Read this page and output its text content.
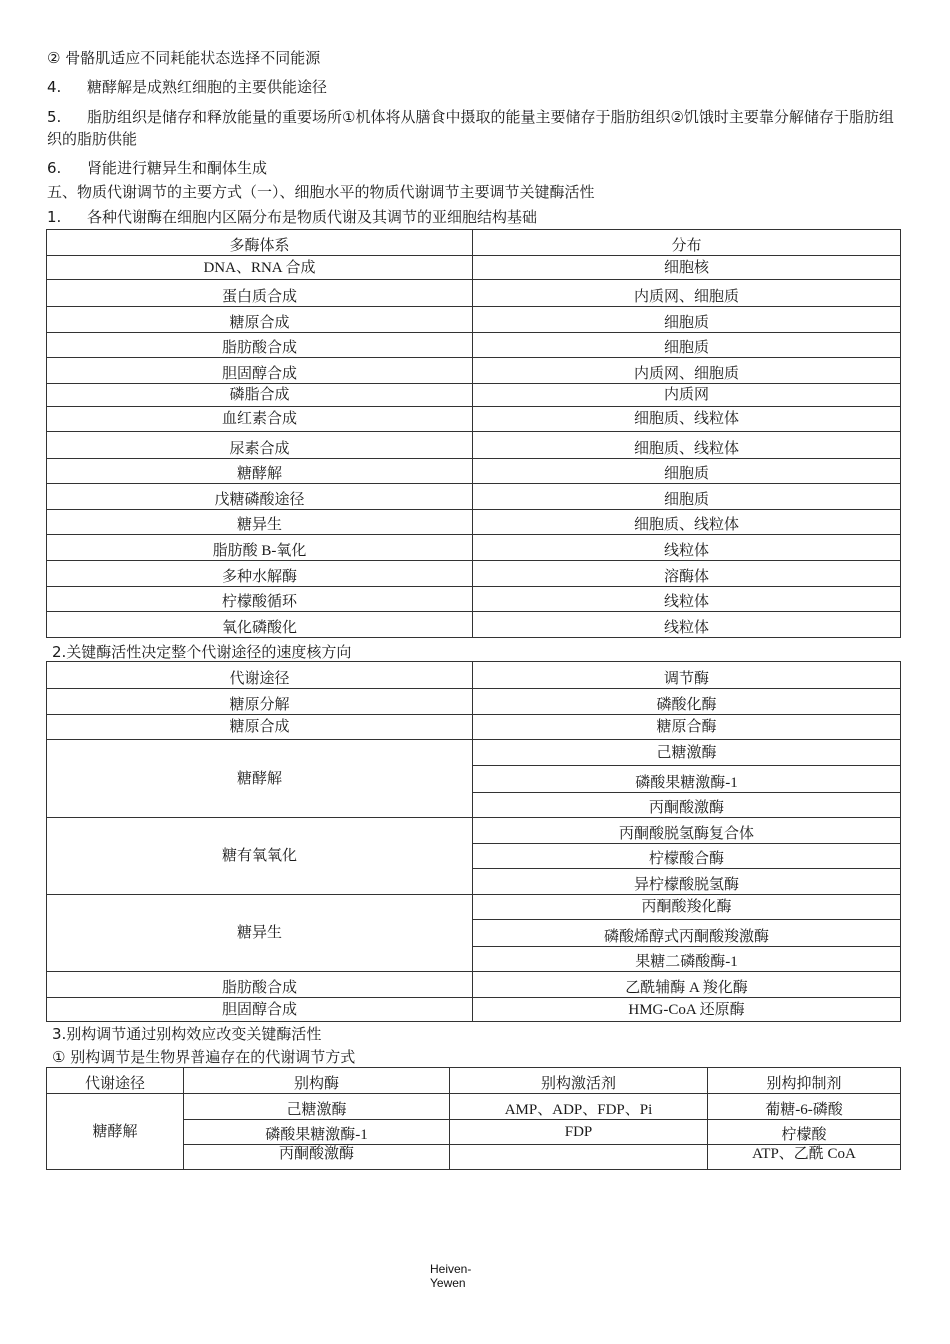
② 骨骼肌适应不同耗能状态选择不同能源
4. 糖酵解是成熟红细胞的主要供能途径
5. 脂肪组织是储存和释放能量的重要场所①机体将从膳食中摄取的能量主要储存于脂肪组织②饥饿时主要靠分解储存于脂肪组织的脂肪供能
6. 肾能进行糖异生和酮体生成
五、物质代谢调节的主要方式（一）、细胞水平的物质代谢调节主要调节关键酶活性
1. 各种代谢酶在细胞内区隔分布是物质代谢及其调节的亚细胞结构基础
多酶体系	分布
DNA、RNA 合成	细胞核
蛋白质合成	内质网、细胞质
糖原合成	细胞质
脂肪酸合成	细胞质
胆固醇合成	内质网、细胞质
磷脂合成	内质网
血红素合成	细胞质、线粒体
尿素合成	细胞质、线粒体
糖酵解	细胞质
戊糖磷酸途径	细胞质
糖异生	细胞质、线粒体
脂肪酸 B-氧化	线粒体
多种水解酶	溶酶体
柠檬酸循环	线粒体
氧化磷酸化	线粒体
2.关键酶活性决定整个代谢途径的速度核方向
代谢途径	调节酶
糖原分解	磷酸化酶
糖原合成	糖原合酶
糖酵解	己糖激酶
	磷酸果糖激酶-1
	丙酮酸激酶
糖有氧氧化	丙酮酸脱氢酶复合体
	柠檬酸合酶
	异柠檬酸脱氢酶
糖异生	丙酮酸羧化酶
	磷酸烯醇式丙酮酸羧激酶
	果糖二磷酸酶-1
脂肪酸合成	乙酰辅酶 A 羧化酶
胆固醇合成	HMG-CoA 还原酶
3.别构调节通过别构效应改变关键酶活性
① 别构调节是生物界普遍存在的代谢调节方式
代谢途径	别构酶	别构激活剂	别构抑制剂
糖酵解	己糖激酶	AMP、ADP、FDP、Pi	葡糖-6-磷酸
	磷酸果糖激酶-1	FDP	柠檬酸
	丙酮酸激酶		ATP、乙酰 CoA
Heiven-
Yewen
